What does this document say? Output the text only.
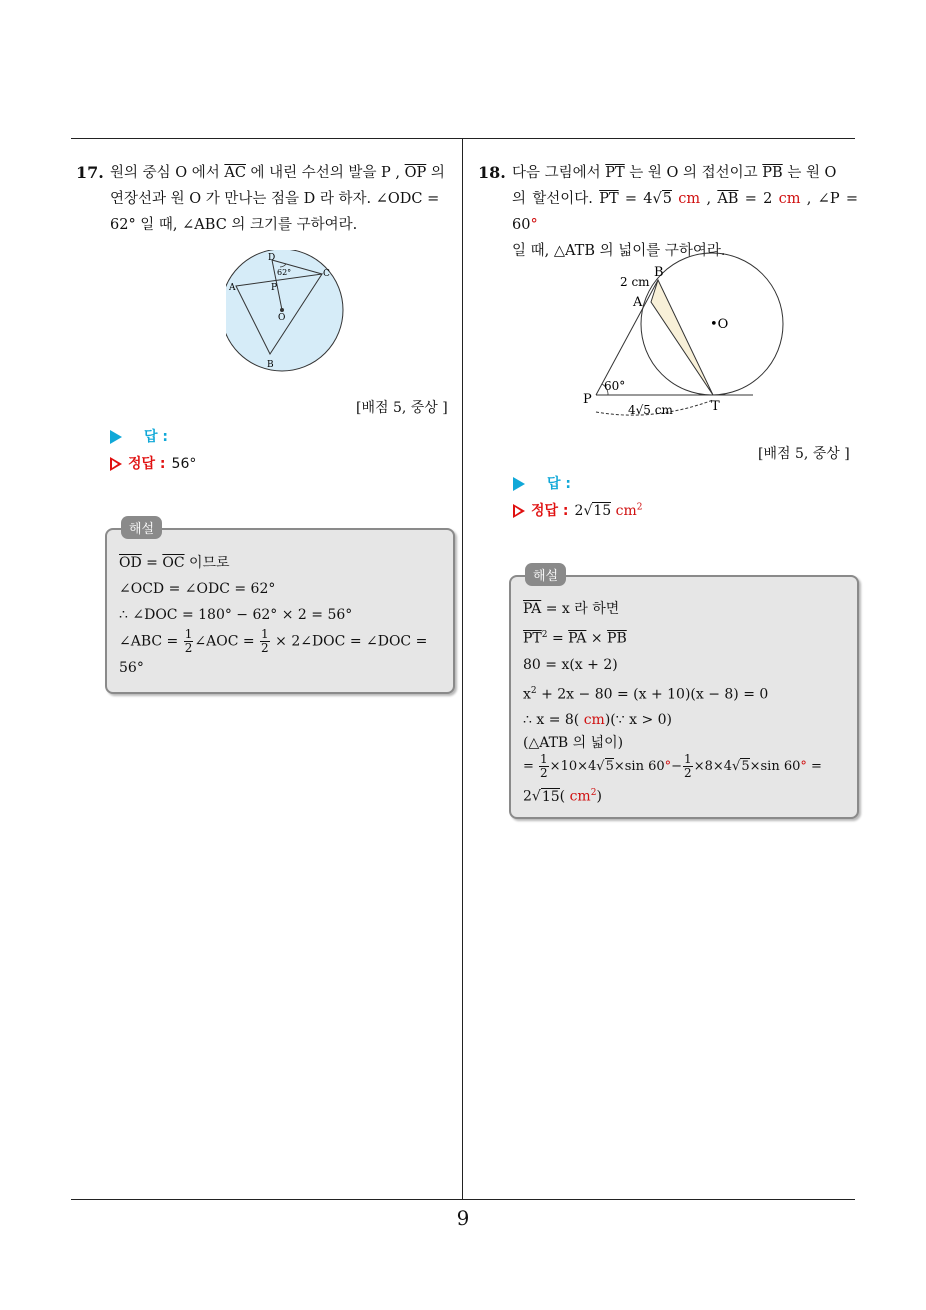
17. 원의 중심 O 에서 $\overline{AC}$ 에 내린 수선의 발을 P , $\overline{OP}$ 의
연장선과 원 O 가 만나는 점을 D 라 하자. ∠ODC =
62° 일 때, ∠ABC 의 크기를 구하여라.
D
62°	C
A	P
O
B
[배점 5, 중상 ]
답 :
정답 : 56°
해설
$\overline{OD} = \overline{OC}$ 이므로
∠OCD = ∠ODC = 62°
∴ ∠DOC = 180° − 62° × 2 = 56°
∠ABC = $\frac{1}{2}$ ∠AOC = $\frac{1}{2}$ × 2∠DOC = ∠DOC =
56°
18. 다음 그림에서 $\overline{PT}$ 는 원 O 의 접선이고 $\overline{PB}$ 는 원 O
의 할선이다. $\overline{PT} = 4√5$ cm , $\overline{AB} = 2$ cm , ∠P = 60°
일 때, △ATB 의 넓이를 구하여라.
B
2 cm
A
•O
60°
P	T
4√5 cm
[배점 5, 중상 ]
답 :
정답 : 2√15 $cm^2$
해설
$\overline{PA} = x$ 라 하면
$\overline{PT}^2 = \overline{PA} \times \overline{PB}$
80 = x(x + 2)
$x^2 + 2x - 80 = (x + 10)(x - 8) = 0$
∴ x = 8( cm)(∵ x > 0)
(△ATB 의 넓이)
= $\frac{1}{2} \times 10\times 4√5\times\sin$ $60^\circ- \frac{1}{2} \times 8\times 4√5\times\sin$ 60° =
2√15( $cm^2$)
9
